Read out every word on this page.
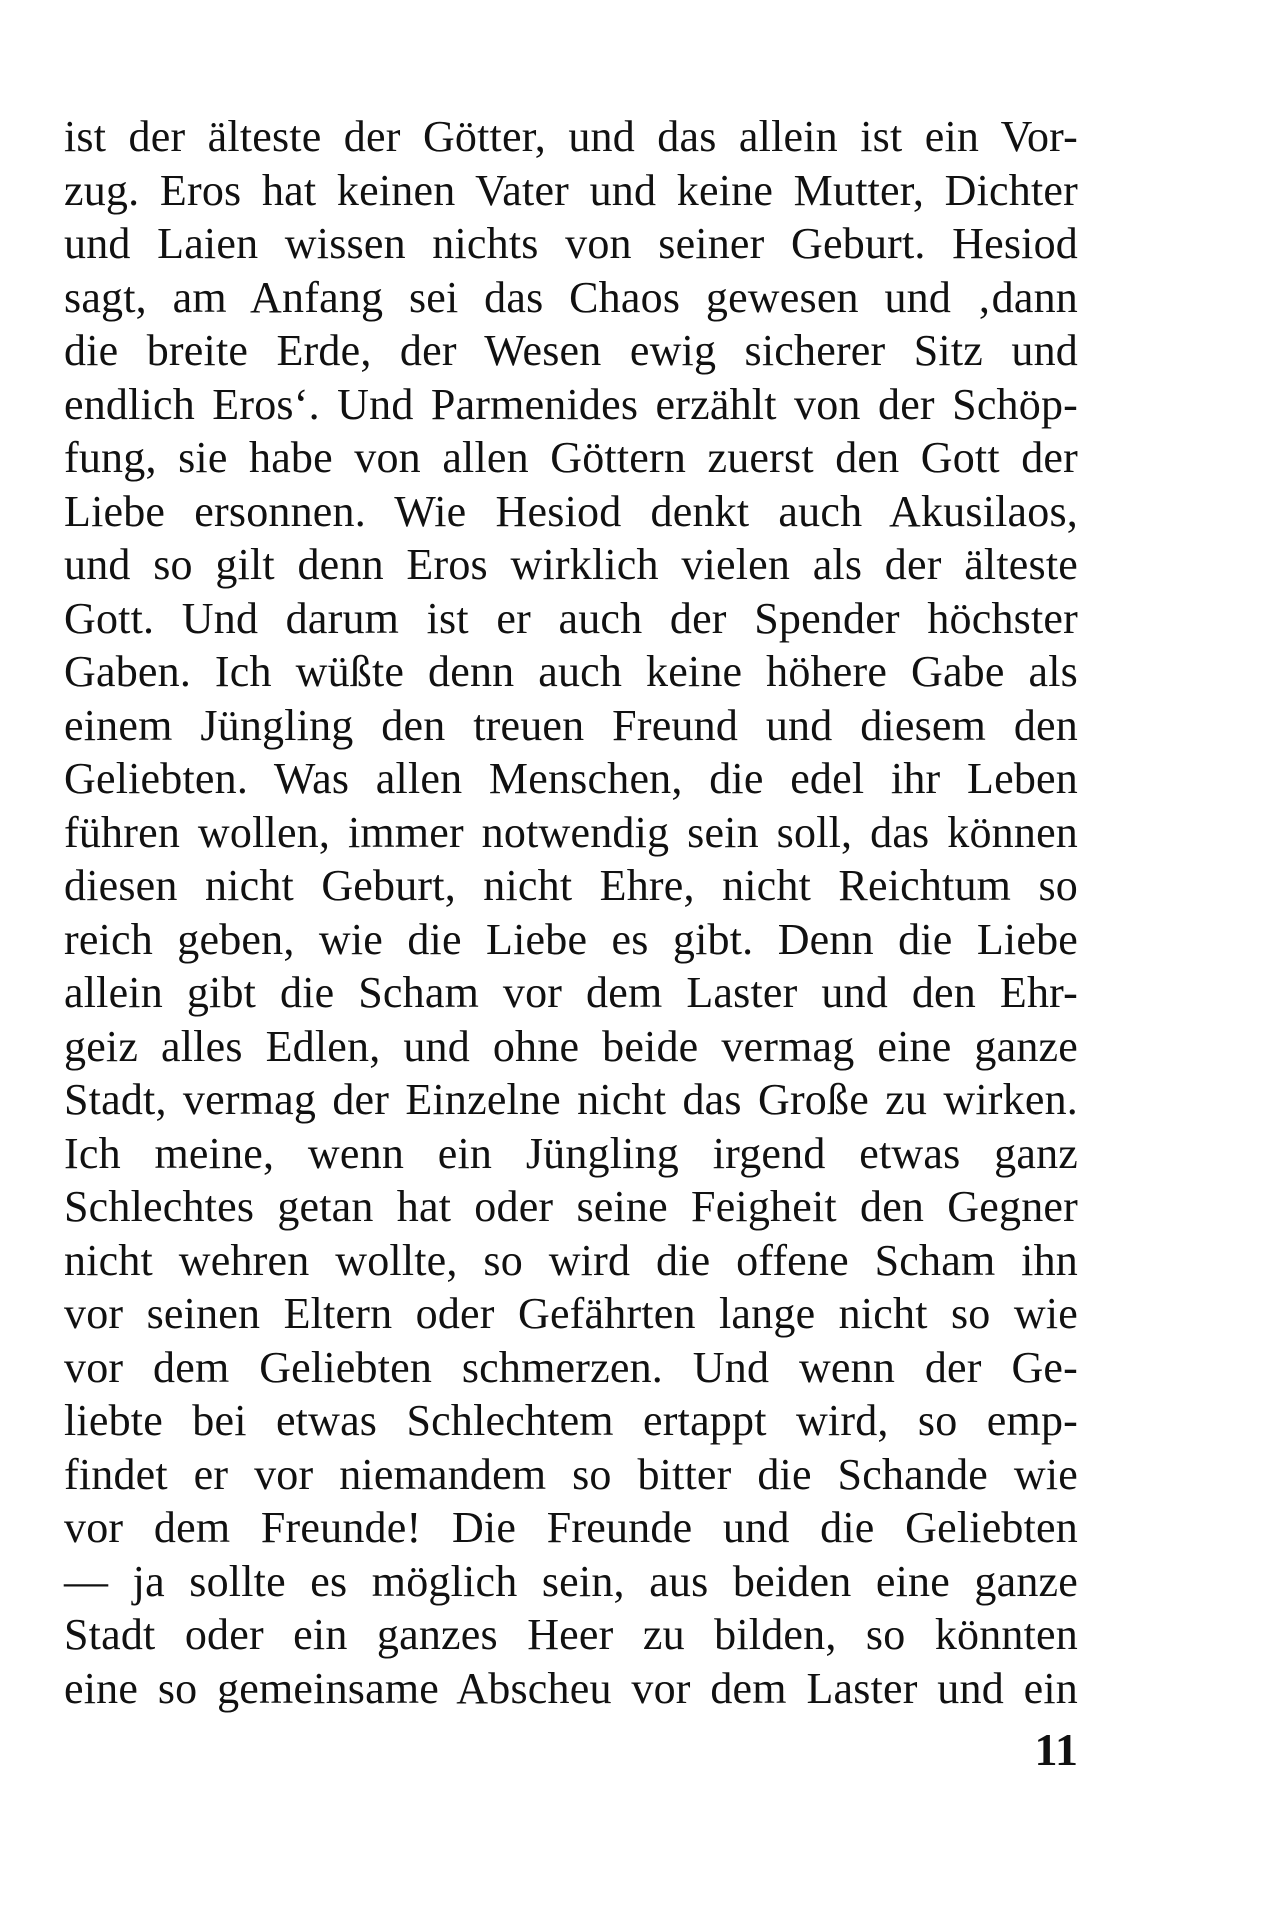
ist der älteste der Götter, und das allein ist ein Vor-
zug. Eros hat keinen Vater und keine Mutter, Dichter
und Laien wissen nichts von seiner Geburt. Hesiod
sagt, am Anfang sei das Chaos gewesen und ‚dann
die breite Erde, der Wesen ewig sicherer Sitz und
endlich Eros‘. Und Parmenides erzählt von der Schöp-
fung, sie habe von allen Göttern zuerst den Gott der
Liebe ersonnen. Wie Hesiod denkt auch Akusilaos,
und so gilt denn Eros wirklich vielen als der älteste
Gott. Und darum ist er auch der Spender höchster
Gaben. Ich wüßte denn auch keine höhere Gabe als
einem Jüngling den treuen Freund und diesem den
Geliebten. Was allen Menschen, die edel ihr Leben
führen wollen, immer notwendig sein soll, das können
diesen nicht Geburt, nicht Ehre, nicht Reichtum so
reich geben, wie die Liebe es gibt. Denn die Liebe
allein gibt die Scham vor dem Laster und den Ehr-
geiz alles Edlen, und ohne beide vermag eine ganze
Stadt, vermag der Einzelne nicht das Große zu wirken.
Ich meine, wenn ein Jüngling irgend etwas ganz
Schlechtes getan hat oder seine Feigheit den Gegner
nicht wehren wollte, so wird die offene Scham ihn
vor seinen Eltern oder Gefährten lange nicht so wie
vor dem Geliebten schmerzen. Und wenn der Ge-
liebte bei etwas Schlechtem ertappt wird, so emp-
findet er vor niemandem so bitter die Schande wie
vor dem Freunde! Die Freunde und die Geliebten
— ja sollte es möglich sein, aus beiden eine ganze
Stadt oder ein ganzes Heer zu bilden, so könnten
eine so gemeinsame Abscheu vor dem Laster und ein
11
